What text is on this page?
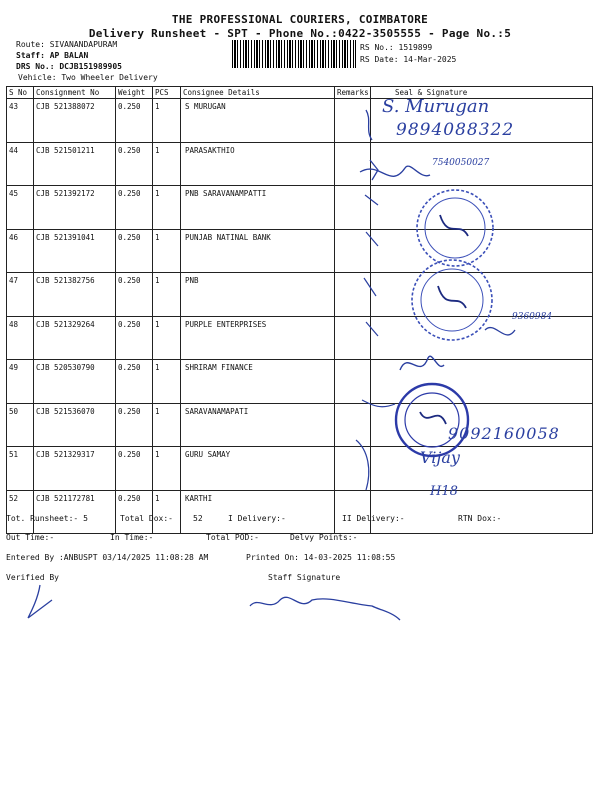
THE PROFESSIONAL COURIERS, COIMBATORE
Delivery Runsheet - SPT - Phone No.:0422-3505555 - Page No.:5
Route: SIVANANDAPURAM
Staff: AP BALAN
DRS No.: DCJB151989905
Vehicle: Two Wheeler Delivery
RS No.: 1519899
RS Date: 14-Mar-2025
S No	Consignment No	Weight	PCS	Consignee Details	Remarks	Seal & Signature
43	CJB 521388072	0.250	1	S MURUGAN		
44	CJB 521501211	0.250	1	PARASAKTHIO		
45	CJB 521392172	0.250	1	PNB SARAVANAMPATTI		
46	CJB 521391041	0.250	1	PUNJAB NATINAL BANK		
47	CJB 521382756	0.250	1	PNB		
48	CJB 521329264	0.250	1	PURPLE ENTERPRISES		
49	CJB 520530790	0.250	1	SHRIRAM FINANCE		
50	CJB 521536070	0.250	1	SARAVANAMAPATI		
51	CJB 521329317	0.250	1	GURU SAMAY		
52	CJB 521172781	0.250	1	KARTHI		
Tot. Runsheet:- 5	Total Dox:-	52	I Delivery:-	II Delivery:-	RTN Dox:-
Out Time:-	In Time:-	Total POD:-	Delvy Points:-
Entered By :ANBUSPT 03/14/2025 11:08:28 AM	Printed On: 14-03-2025 11:08:55
Verified By	Staff Signature
S. Murugan
9894088322
7540050027
9360984
9092160058
Vijay
H18
